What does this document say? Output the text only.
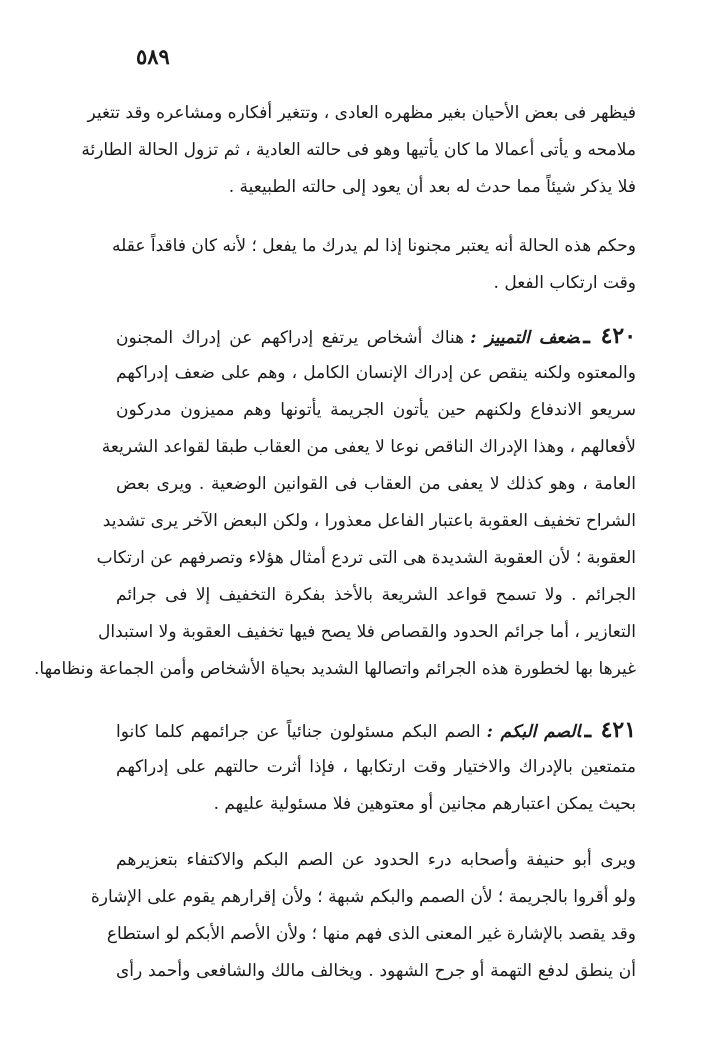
٥٨٩
فيظهر فى بعض الأحيان بغير مظهره العادى ، وتتغير أفكاره ومشاعره وقد تتغير
ملامحه و يأتى أعمالا ما كان يأتيها وهو فى حالته العادية ، ثم تزول الحالة الطارئة
فلا يذكر شيئاً مما حدث له بعد أن يعود إلى حالته الطبيعية .
وحكم هذه الحالة أنه يعتبر مجنونا إذا لم يدرك ما يفعل ؛ لأنه كان فاقداً عقله
وقت ارتكاب الفعل .
٤٢٠ ـضعف التمييز :هناك أشخاص يرتفع إدراكهم عن إدراك المجنون
والمعتوه ولكنه ينقص عن إدراك الإنسان الكامل ، وهم على ضعف إدراكهم
سريعو الاندفاع ولكنهم حين يأتون الجريمة يأتونها وهم مميزون مدركون
لأفعالهم ، وهذا الإدراك الناقص نوعا لا يعفى من العقاب طبقا لقواعد الشريعة
العامة ، وهو كذلك لا يعفى من العقاب فى القوانين الوضعية . ويرى بعض
الشراح تخفيف العقوبة باعتبار الفاعل معذورا ، ولكن البعض الآخر يرى تشديد
العقوبة ؛ لأن العقوبة الشديدة هى التى تردع أمثال هؤلاء وتصرفهم عن ارتكاب
الجرائم . ولا تسمح قواعد الشريعة بالأخذ بفكرة التخفيف إلا فى جرائم
التعازير ، أما جرائم الحدود والقصاص فلا يصح فيها تخفيف العقوبة ولا استبدال
غيرها بها لخطورة هذه الجرائم واتصالها الشديد بحياة الأشخاص وأمن الجماعة ونظامها.
٤٢١ ـالصم البكم :الصم البكم مسئولون جنائياً عن جرائمهم كلما كانوا
متمتعين بالإدراك والاختيار وقت ارتكابها ، فإذا أثرت حالتهم على إدراكهم
بحيث يمكن اعتبارهم مجانين أو معتوهين فلا مسئولية عليهم .
ويرى أبو حنيفة وأصحابه درء الحدود عن الصم البكم والاكتفاء بتعزيرهم
ولو أقروا بالجريمة ؛ لأن الصمم والبكم شبهة ؛ ولأن إقرارهم يقوم على الإشارة
وقد يقصد بالإشارة غير المعنى الذى فهم منها ؛ ولأن الأصم الأبكم لو استطاع
أن ينطق لدفع التهمة أو جرح الشهود . ويخالف مالك والشافعى وأحمد رأى
